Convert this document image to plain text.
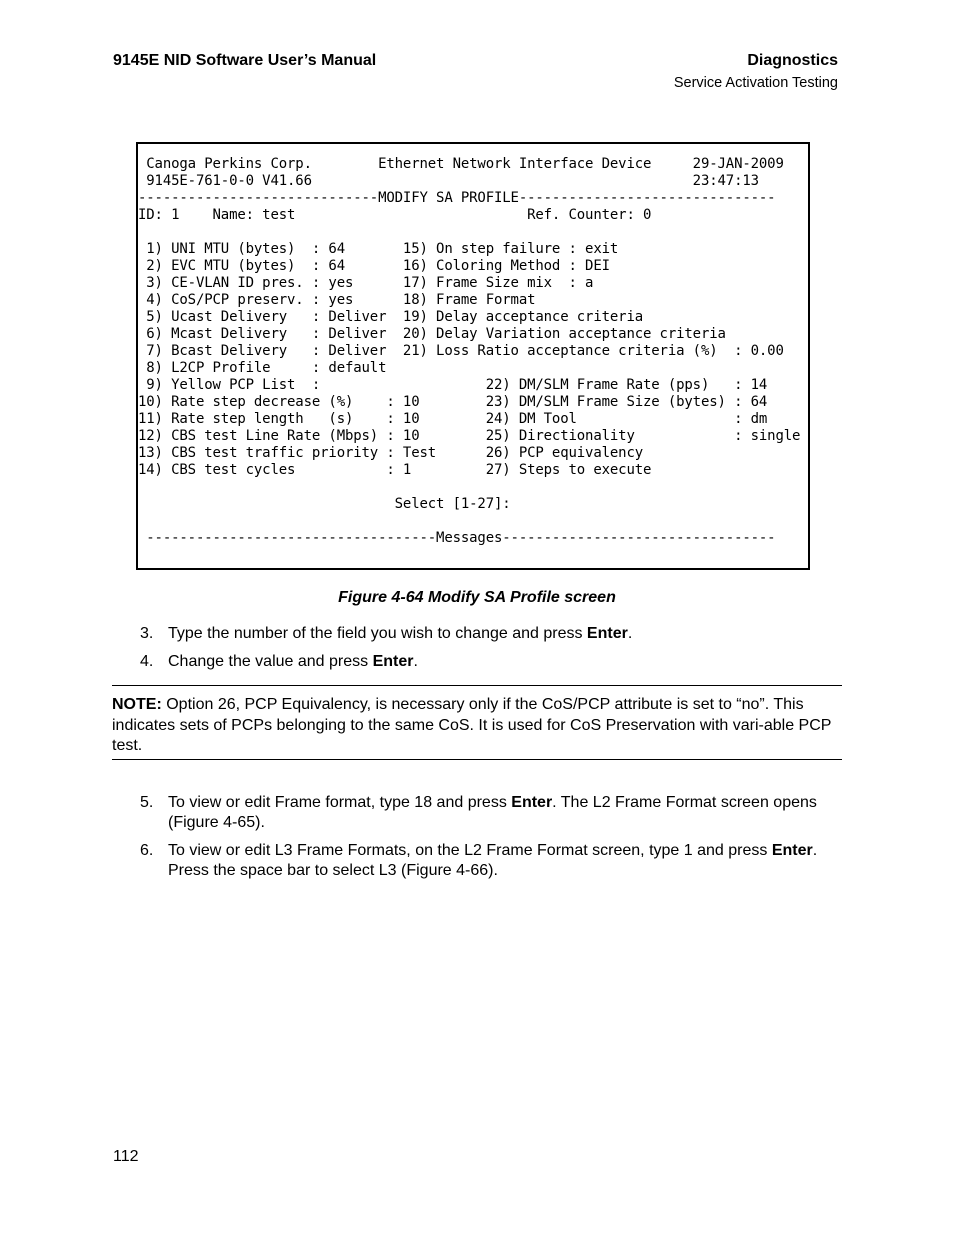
9145E NID Software User’s Manual	Diagnostics
Service Activation Testing
Canoga Perkins Corp.        Ethernet Network Interface Device     29-JAN-2009
9145E-761-0-0 V41.66                                              23:47:13
-----------------------------MODIFY SA PROFILE-------------------------------
ID: 1    Name: test                            Ref. Counter: 0
1) UNI MTU (bytes)  : 64       15) On step failure : exit
2) EVC MTU (bytes)  : 64       16) Coloring Method : DEI
3) CE-VLAN ID pres. : yes      17) Frame Size mix  : a
4) CoS/PCP preserv. : yes      18) Frame Format
5) Ucast Delivery   : Deliver  19) Delay acceptance criteria
6) Mcast Delivery   : Deliver  20) Delay Variation acceptance criteria
7) Bcast Delivery   : Deliver  21) Loss Ratio acceptance criteria (%)  : 0.00
8) L2CP Profile     : default
9) Yellow PCP List  :                    22) DM/SLM Frame Rate (pps)   : 14
10) Rate step decrease (%)    : 10        23) DM/SLM Frame Size (bytes) : 64
11) Rate step length   (s)    : 10        24) DM Tool                   : dm
12) CBS test Line Rate (Mbps) : 10        25) Directionality            : single
13) CBS test traffic priority : Test      26) PCP equivalency
14) CBS test cycles           : 1         27) Steps to execute
Select [1-27]:
-----------------------------------Messages---------------------------------
Figure 4-64 Modify SA Profile screen
3. Type the number of the field you wish to change and press Enter.
4. Change the value and press Enter.
NOTE: Option 26, PCP Equivalency, is necessary only if the CoS/PCP attribute is set to “no”. This indicates sets of PCPs belonging to the same CoS. It is used for CoS Preservation with vari-able PCP test.
5. To view or edit Frame format, type 18 and press Enter. The L2 Frame Format screen opens (Figure 4-65).
6. To view or edit L3 Frame Formats, on the L2 Frame Format screen, type 1 and press Enter. Press the space bar to select L3 (Figure 4-66).
112
